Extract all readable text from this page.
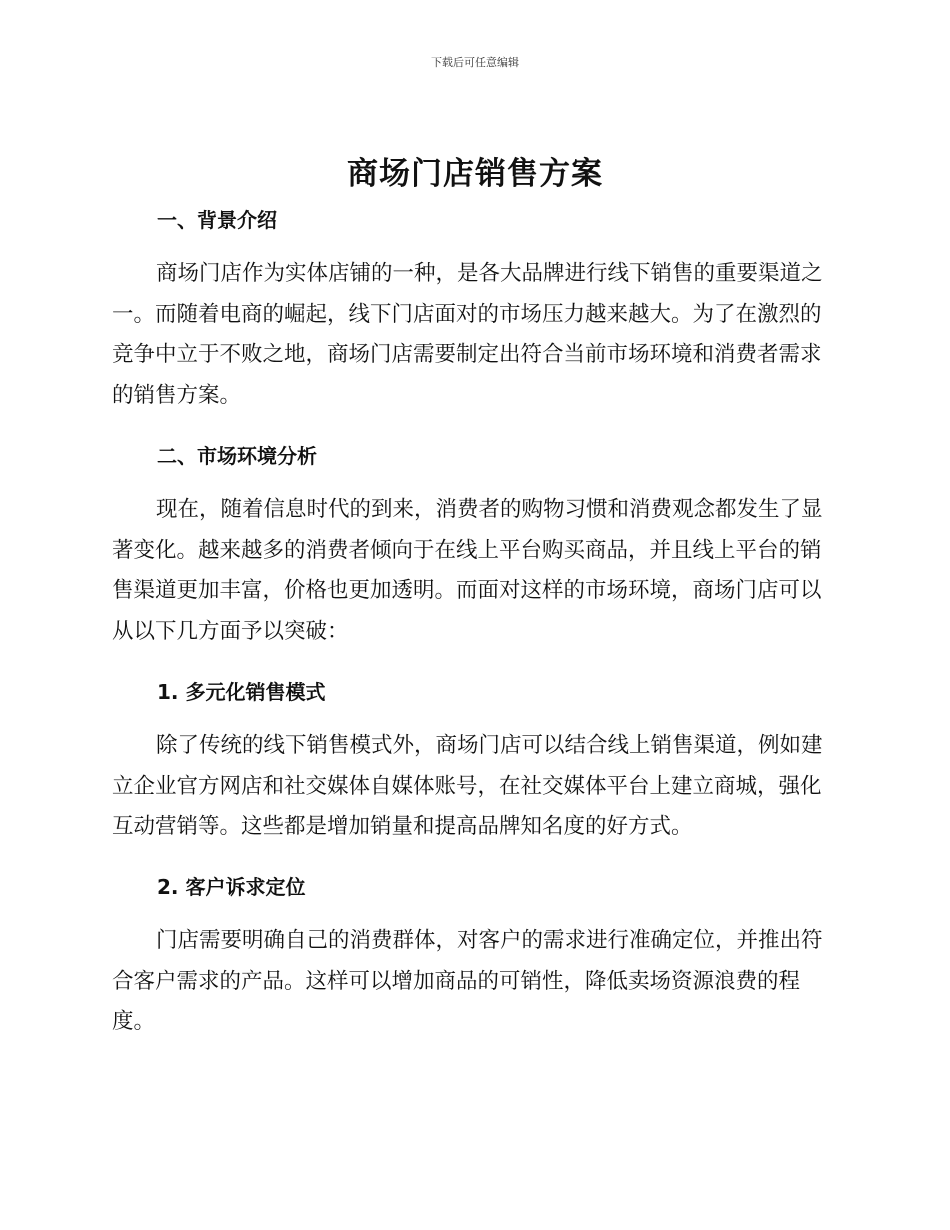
下载后可任意编辑
商场门店销售方案
一、背景介绍
商场门店作为实体店铺的一种，是各大品牌进行线下销售的重要渠道之
一。而随着电商的崛起，线下门店面对的市场压力越来越大。为了在激烈的
竞争中立于不败之地，商场门店需要制定出符合当前市场环境和消费者需求
的销售方案。
二、市场环境分析
现在，随着信息时代的到来，消费者的购物习惯和消费观念都发生了显
著变化。越来越多的消费者倾向于在线上平台购买商品，并且线上平台的销
售渠道更加丰富，价格也更加透明。而面对这样的市场环境，商场门店可以
从以下几方面予以突破：
1. 多元化销售模式
除了传统的线下销售模式外，商场门店可以结合线上销售渠道，例如建
立企业官方网店和社交媒体自媒体账号，在社交媒体平台上建立商城，强化
互动营销等。这些都是增加销量和提高品牌知名度的好方式。
2. 客户诉求定位
门店需要明确自己的消费群体，对客户的需求进行准确定位，并推出符
合客户需求的产品。这样可以增加商品的可销性，降低卖场资源浪费的程
度。
